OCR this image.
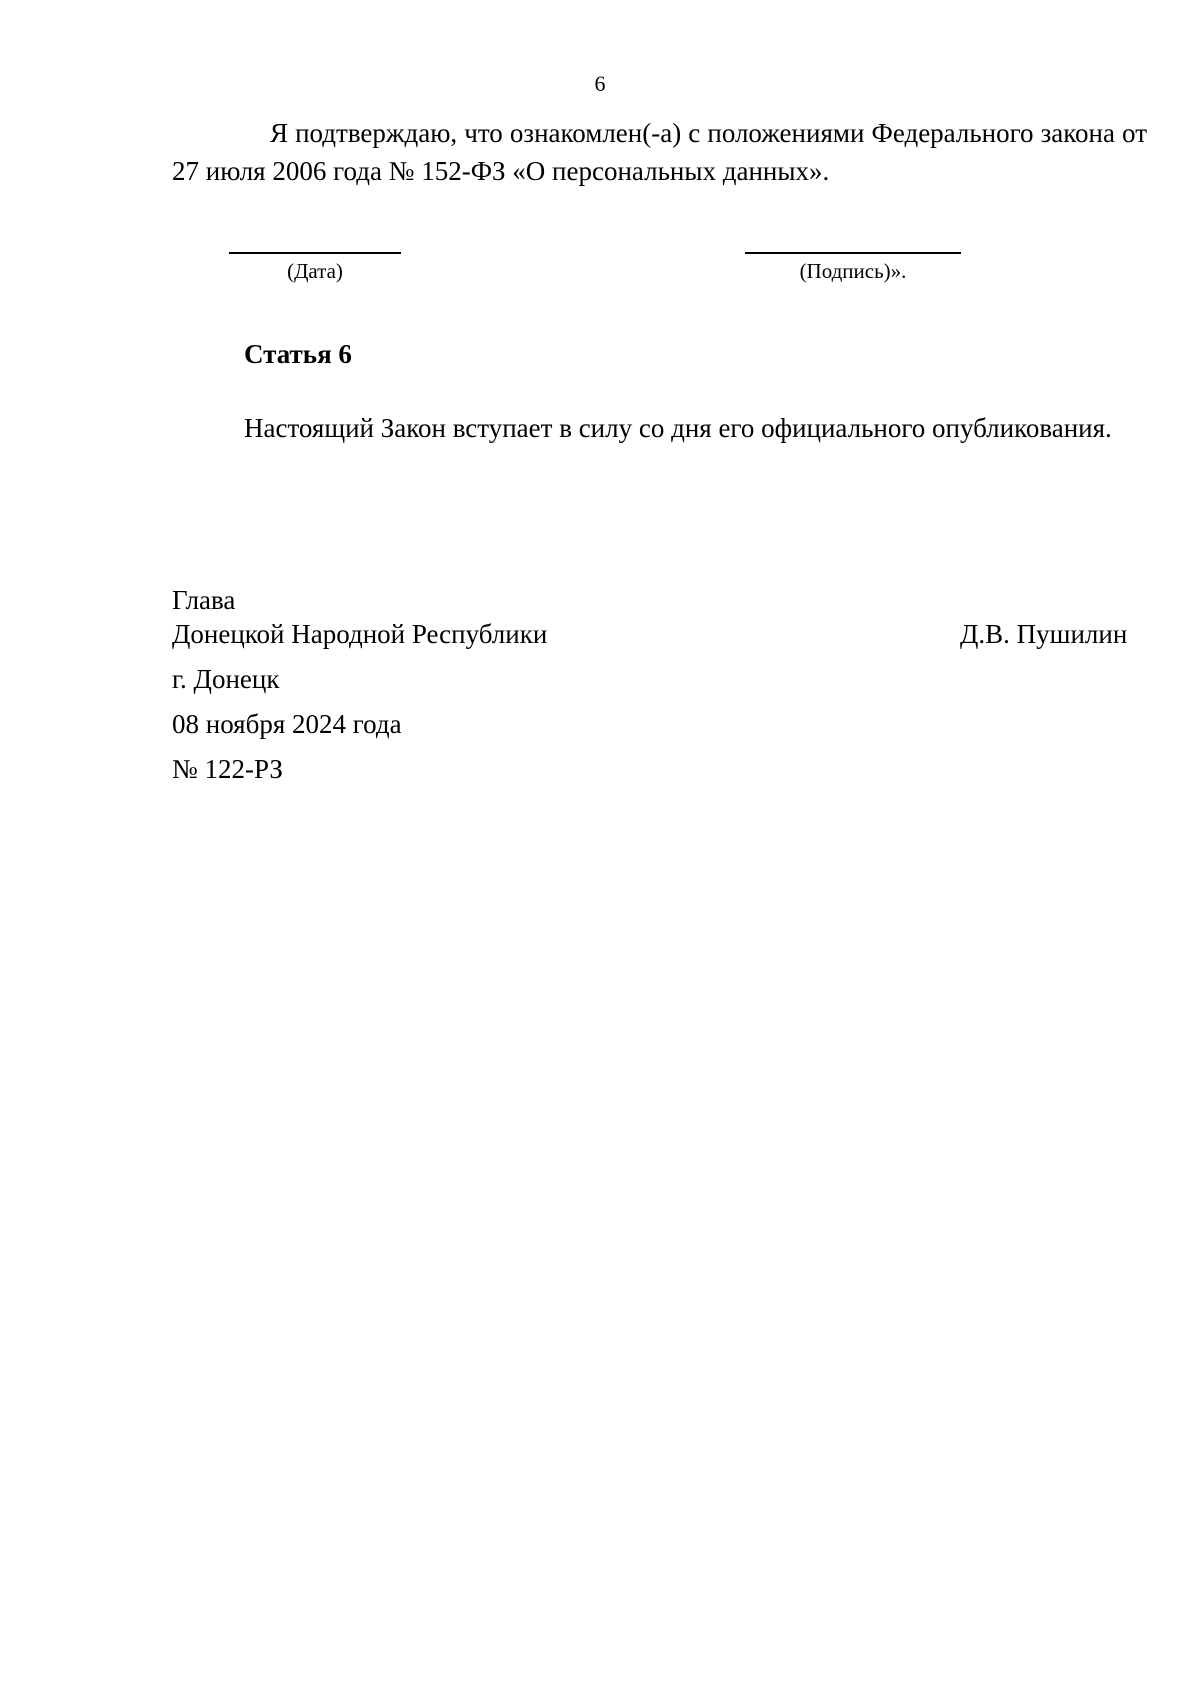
6

Я подтверждаю, что ознакомлен(-а) с положениями Федерального закона от 27 июля 2006 года № 152-ФЗ «О персональных данных».

(Дата)	(Подпись)».
Статья 6

Настоящий Закон вступает в силу со дня его официального опубликования.

Глава
Донецкой Народной Республики	Д.В. Пушилин
г. Донецк
08 ноября 2024 года
№ 122-РЗ
